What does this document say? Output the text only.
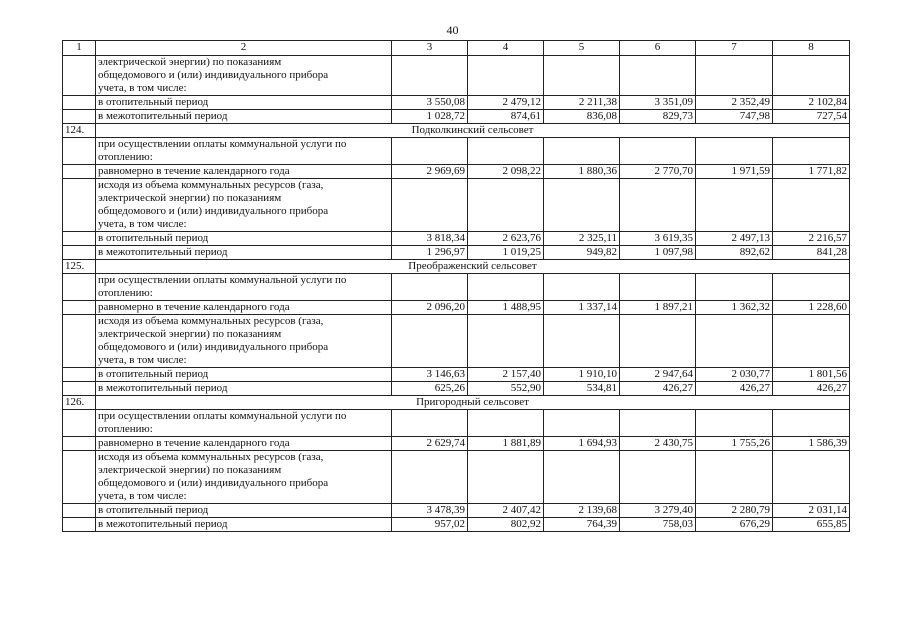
40
1	2	3	4	5	6	7	8

	электрической энергии) по показаниям
общедомового и (или) индивидуального прибора
учета, в том числе:						

	в отопительный период	3 550,08	2 479,12	2 211,38	3 351,09	2 352,49	2 102,84
	в межотопительный период	1 028,72	874,61	836,08	829,73	747,98	727,54
124.	Подколкинский сельсовет						

	при осуществлении оплаты коммунальной услуги по
отоплению:						

	равномерно в течение календарного года	2 969,69	2 098,22	1 880,36	2 770,70	1 971,59	1 771,82

	исходя из объема коммунальных ресурсов (газа,
электрической энергии) по показаниям
общедомового и (или) индивидуального прибора
учета, в том числе:						

	в отопительный период	3 818,34	2 623,76	2 325,11	3 619,35	2 497,13	2 216,57
	в межотопительный период	1 296,97	1 019,25	949,82	1 097,98	892,62	841,28
125.	Преображенский сельсовет						

	при осуществлении оплаты коммунальной услуги по
отоплению:						

	равномерно в течение календарного года	2 096,20	1 488,95	1 337,14	1 897,21	1 362,32	1 228,60

	исходя из объема коммунальных ресурсов (газа,
электрической энергии) по показаниям
общедомового и (или) индивидуального прибора
учета, в том числе:						

	в отопительный период	3 146,63	2 157,40	1 910,10	2 947,64	2 030,77	1 801,56
	в межотопительный период	625,26	552,90	534,81	426,27	426,27	426,27
126.	Пригородный сельсовет						

	при осуществлении оплаты коммунальной услуги по
отоплению:						

	равномерно в течение календарного года	2 629,74	1 881,89	1 694,93	2 430,75	1 755,26	1 586,39

	исходя из объема коммунальных ресурсов (газа,
электрической энергии) по показаниям
общедомового и (или) индивидуального прибора
учета, в том числе:						

	в отопительный период	3 478,39	2 407,42	2 139,68	3 279,40	2 280,79	2 031,14
	в межотопительный период	957,02	802,92	764,39	758,03	676,29	655,85
